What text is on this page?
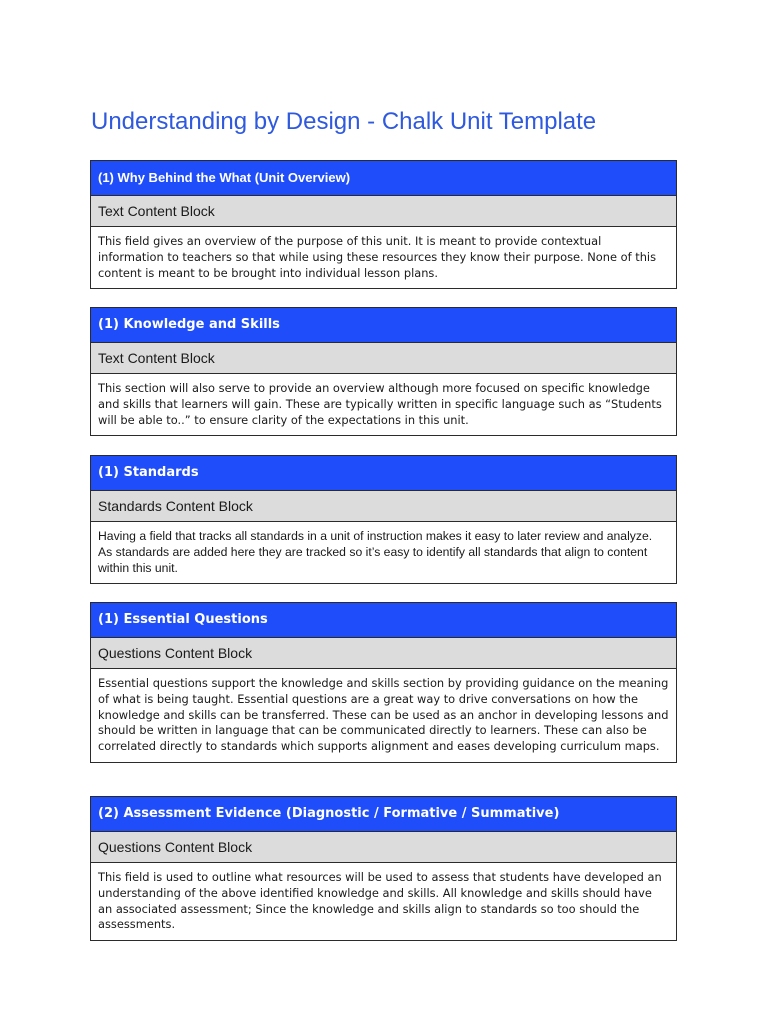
Understanding by Design - Chalk Unit Template
(1) Why Behind the What (Unit Overview)
Text Content Block
This field gives an overview of the purpose of this unit. It is meant to provide contextual information to teachers so that while using these resources they know their purpose. None of this content is meant to be brought into individual lesson plans.
(1) Knowledge and Skills
Text Content Block
This section will also serve to provide an overview although more focused on specific knowledge and skills that learners will gain. These are typically written in specific language such as “Students will be able to..” to ensure clarity of the expectations in this unit.
(1) Standards
Standards Content Block
Having a field that tracks all standards in a unit of instruction makes it easy to later review and analyze. As standards are added here they are tracked so it’s easy to identify all standards that align to content within this unit.
(1) Essential Questions
Questions Content Block
Essential questions support the knowledge and skills section by providing guidance on the meaning of what is being taught. Essential questions are a great way to drive conversations on how the knowledge and skills can be transferred. These can be used as an anchor in developing lessons and should be written in language that can be communicated directly to learners. These can also be correlated directly to standards which supports alignment and eases developing curriculum maps.
(2) Assessment Evidence (Diagnostic / Formative / Summative)
Questions Content Block
This field is used to outline what resources will be used to assess that students have developed an understanding of the above identified knowledge and skills. All knowledge and skills should have an associated assessment; Since the knowledge and skills align to standards so too should the assessments.
